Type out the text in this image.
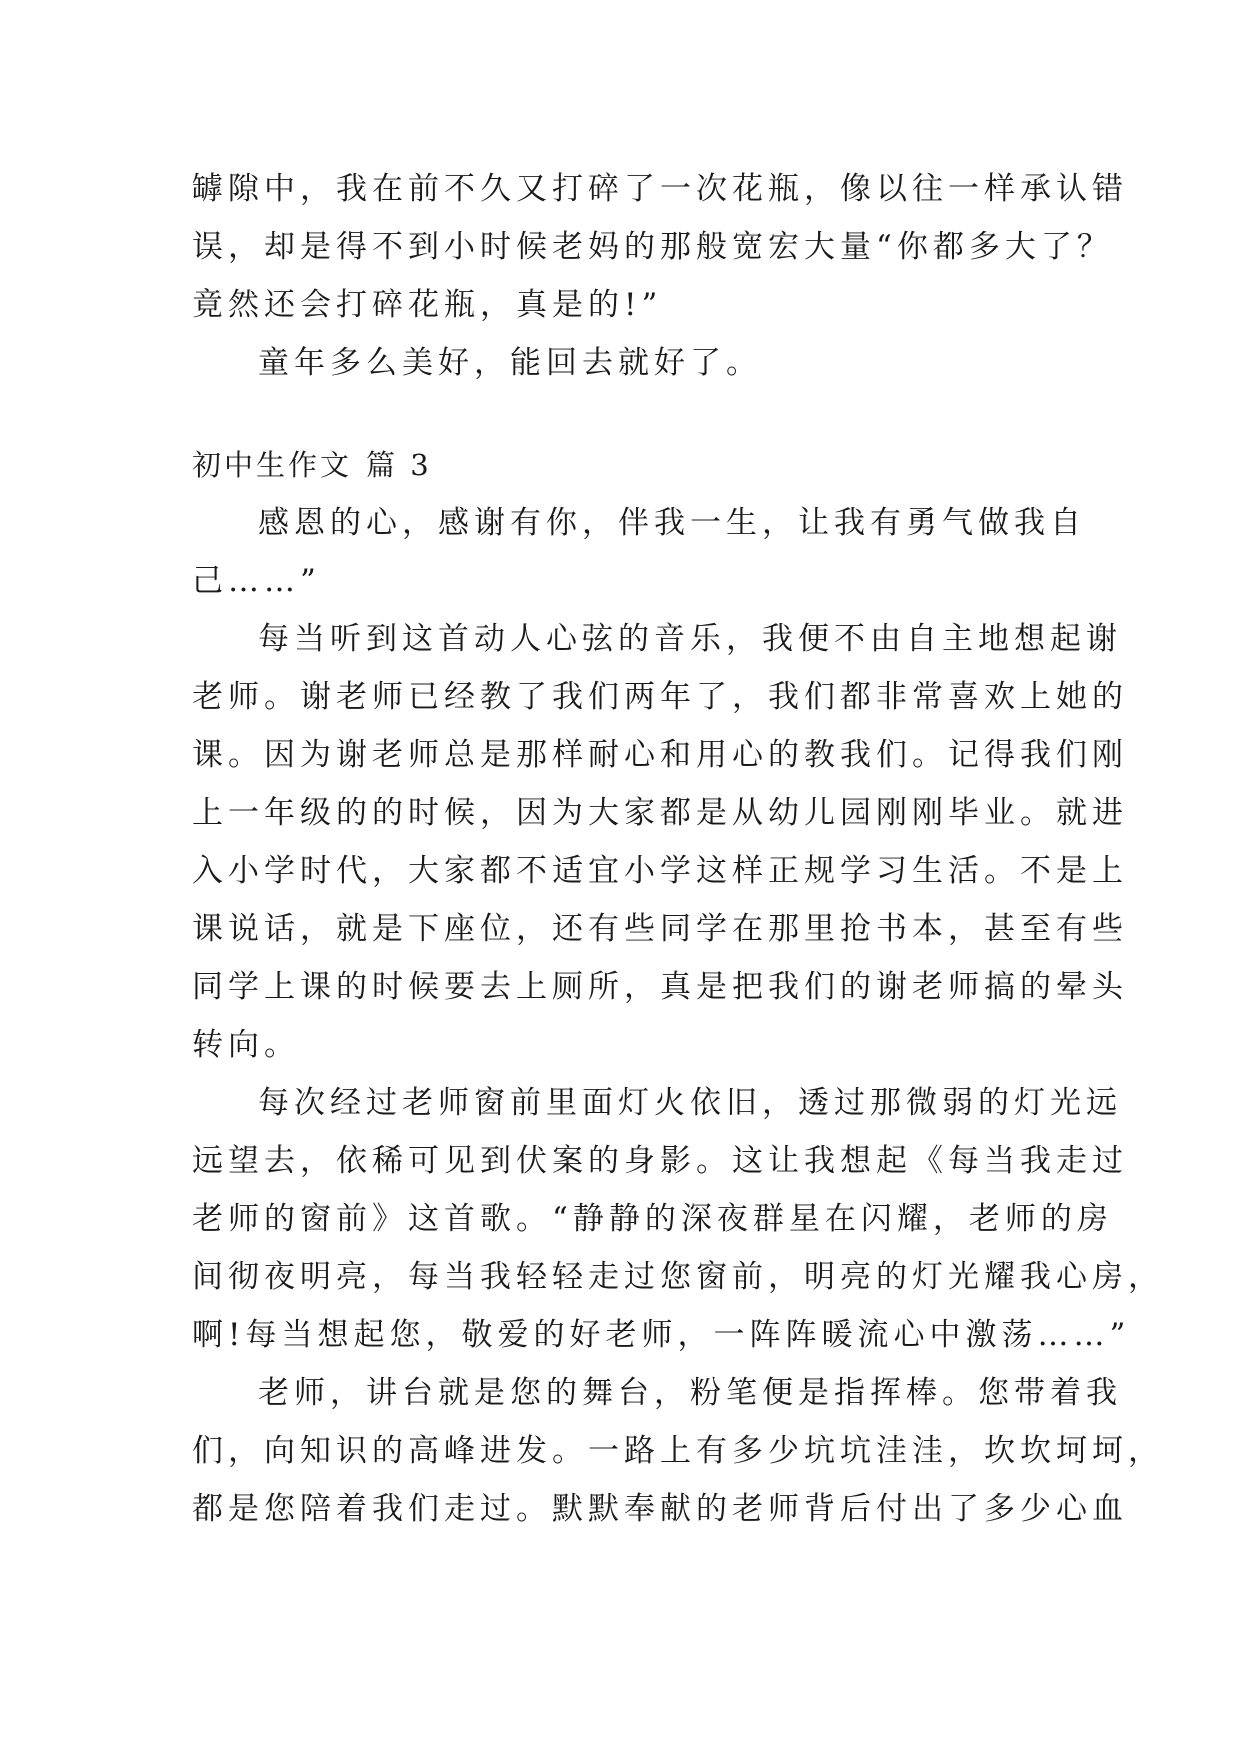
罅隙中，我在前不久又打碎了一次花瓶，像以往一样承认错
误，却是得不到小时候老妈的那般宽宏大量“你都多大了？
竟然还会打碎花瓶，真是的!”
童年多么美好，能回去就好了。
初中生作文 篇 3
感恩的心，感谢有你，伴我一生，让我有勇气做我自
己……”
每当听到这首动人心弦的音乐，我便不由自主地想起谢
老师。谢老师已经教了我们两年了，我们都非常喜欢上她的
课。因为谢老师总是那样耐心和用心的教我们。记得我们刚
上一年级的的时候，因为大家都是从幼儿园刚刚毕业。就进
入小学时代，大家都不适宜小学这样正规学习生活。不是上
课说话，就是下座位，还有些同学在那里抢书本，甚至有些
同学上课的时候要去上厕所，真是把我们的谢老师搞的晕头
转向。
每次经过老师窗前里面灯火依旧，透过那微弱的灯光远
远望去，依稀可见到伏案的身影。这让我想起《每当我走过
老师的窗前》这首歌。“静静的深夜群星在闪耀，老师的房
间彻夜明亮，每当我轻轻走过您窗前，明亮的灯光耀我心房，
啊!每当想起您，敬爱的好老师，一阵阵暖流心中激荡……”
老师，讲台就是您的舞台，粉笔便是指挥棒。您带着我
们，向知识的高峰进发。一路上有多少坑坑洼洼，坎坎坷坷，
都是您陪着我们走过。默默奉献的老师背后付出了多少心血
